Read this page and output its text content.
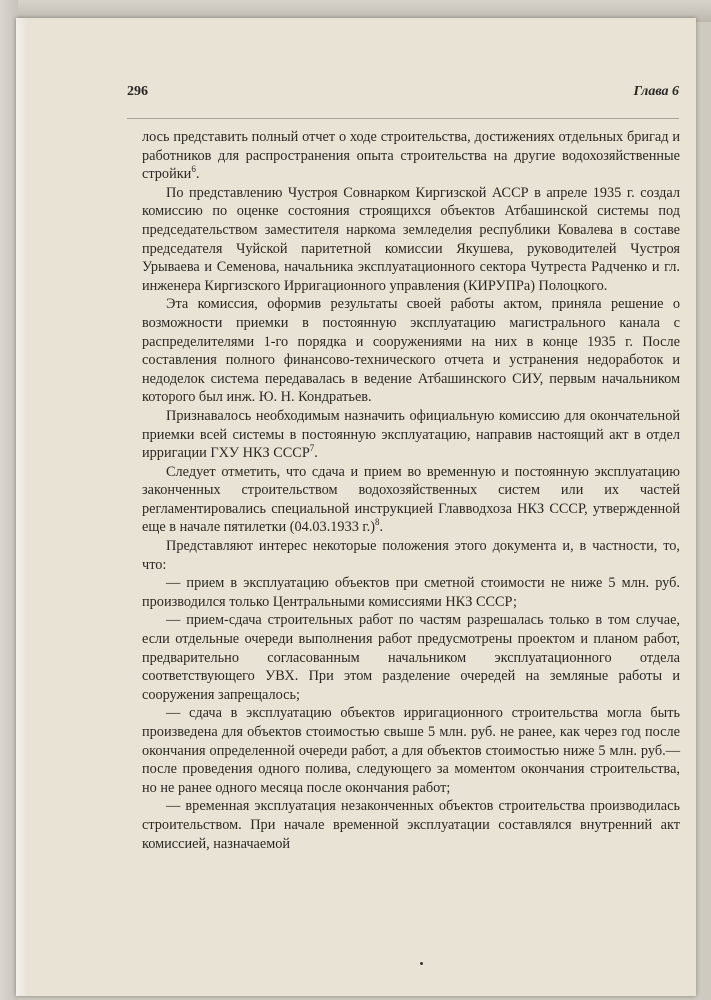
296	Глава 6

лось представить полный отчет о ходе строительства, достижениях отдельных бригад и работников для распространения опыта строительства на другие водохозяйственные стройки$^6$.

По представлению Чустроя Совнарком Киргизской АССР в апреле 1935 г. создал комиссию по оценке состояния строящихся объектов Атбашинской системы под председательством заместителя наркома земледелия республики Ковалева в составе председателя Чуйской паритетной комиссии Якушева, руководителей Чустроя Урываева и Семенова, начальника эксплуатационного сектора Чутреста Радченко и гл. инженера Киргизского Ирригационного управления (КИРУПРа) Полоцкого.

Эта комиссия, оформив результаты своей работы актом, приняла решение о возможности приемки в постоянную эксплуатацию магистрального канала с распределителями 1-го порядка и сооружениями на них в конце 1935 г. После составления полного финансово-технического отчета и устранения недоработок и недоделок система передавалась в ведение Атбашинского СИУ, первым начальником которого был инж. Ю. Н. Кондратьев.

Признавалось необходимым назначить официальную комиссию для окончательной приемки всей системы в постоянную эксплуатацию, направив настоящий акт в отдел ирригации ГХУ НКЗ СССР$^7$.

Следует отметить, что сдача и прием во временную и постоянную эксплуатацию законченных строительством водохозяйственных систем или их частей регламентировались специальной инструкцией Главводхоза НКЗ СССР, утвержденной еще в начале пятилетки (04.03.1933 г.)$^8$.

Представляют интерес некоторые положения этого документа и, в частности, то, что:

— прием в эксплуатацию объектов при сметной стоимости не ниже 5 млн. руб. производился только Центральными комиссиями НКЗ СССР;

— прием-сдача строительных работ по частям разрешалась только в том случае, если отдельные очереди выполнения работ предусмотрены проектом и планом работ, предварительно согласованным начальником эксплуатационного отдела соответствующего УВХ. При этом разделение очередей на земляные работы и сооружения запрещалось;

— сдача в эксплуатацию объектов ирригационного строительства могла быть произведена для объектов стоимостью свыше 5 млн. руб. не ранее, как через год после окончания определенной очереди работ, а для объектов стоимостью ниже 5 млн. руб.— после проведения одного полива, следующего за моментом окончания строительства, но не ранее одного месяца после окончания работ;

— временная эксплуатация незаконченных объектов строительства производилась строительством. При начале временной эксплуатации составлялся внутренний акт комиссией, назначаемой
